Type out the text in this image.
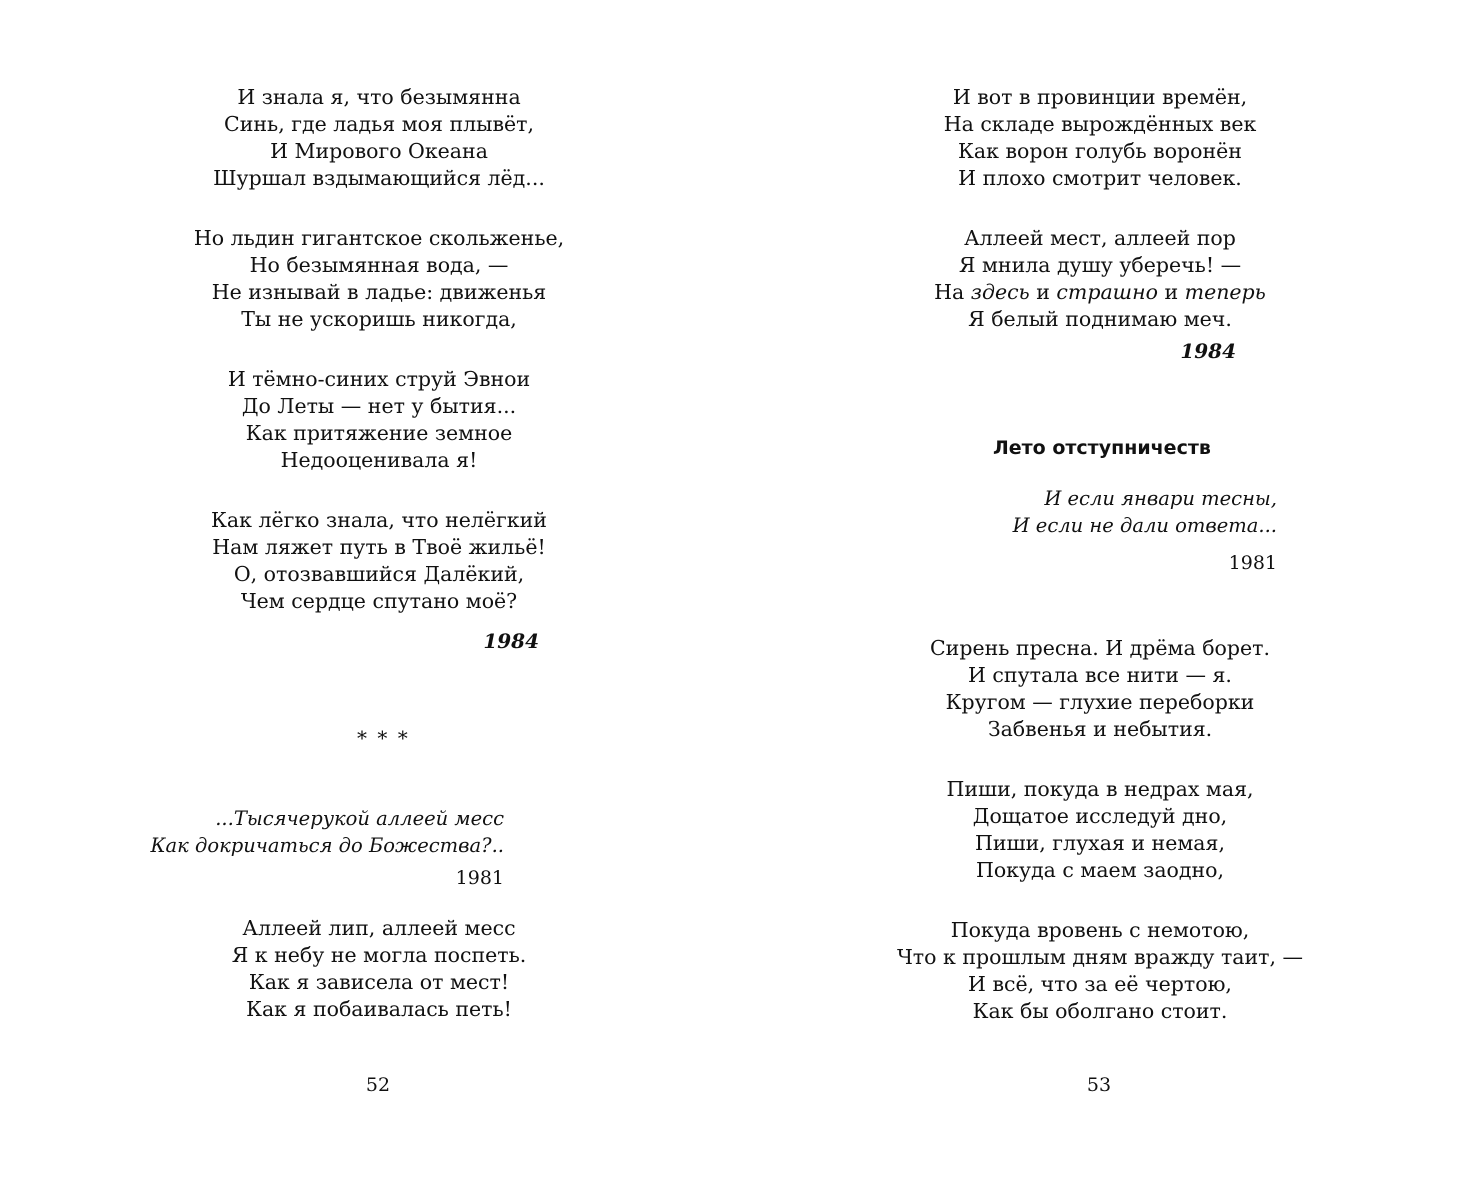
И знала я, что безымянна
Синь, где ладья моя плывёт,
И Мирового Океана
Шуршал вздымающийся лёд...
Но льдин гигантское скольженье,
Но безымянная вода, —
Не изнывай в ладье: движенья
Ты не ускоришь никогда,
И тёмно-синих струй Эвнои
До Леты — нет у бытия...
Как притяжение земное
Недооценивала я!
Как лёгко знала, что нелёгкий
Нам ляжет путь в Твоё жильё!
О, отозвавшийся Далёкий,
Чем сердце спутано моё?
1984
* * *
...Тысячерукой аллеей месс
Как докричаться до Божества?..
1981
Аллеей лип, аллеей месс
Я к небу не могла поспеть.
Как я зависела от мест!
Как я побаивалась петь!
52
И вот в провинции времён,
На складе вырождённых век
Как ворон голубь воронён
И плохо смотрит человек.
Аллеей мест, аллеей пор
Я мнила душу уберечь! —
На здесь и страшно и теперь
Я белый поднимаю меч.
1984
Лето отступничеств
И если январи тесны,
И если не дали ответа...
1981
Сирень пресна. И дрёма борет.
И спутала все нити — я.
Кругом — глухие переборки
Забвенья и небытия.
Пиши, покуда в недрах мая,
Дощатое исследуй дно,
Пиши, глухая и немая,
Покуда с маем заодно,
Покуда вровень с немотою,
Что к прошлым дням вражду таит, —
И всё, что за её чертою,
Как бы оболгано стоит.
53
